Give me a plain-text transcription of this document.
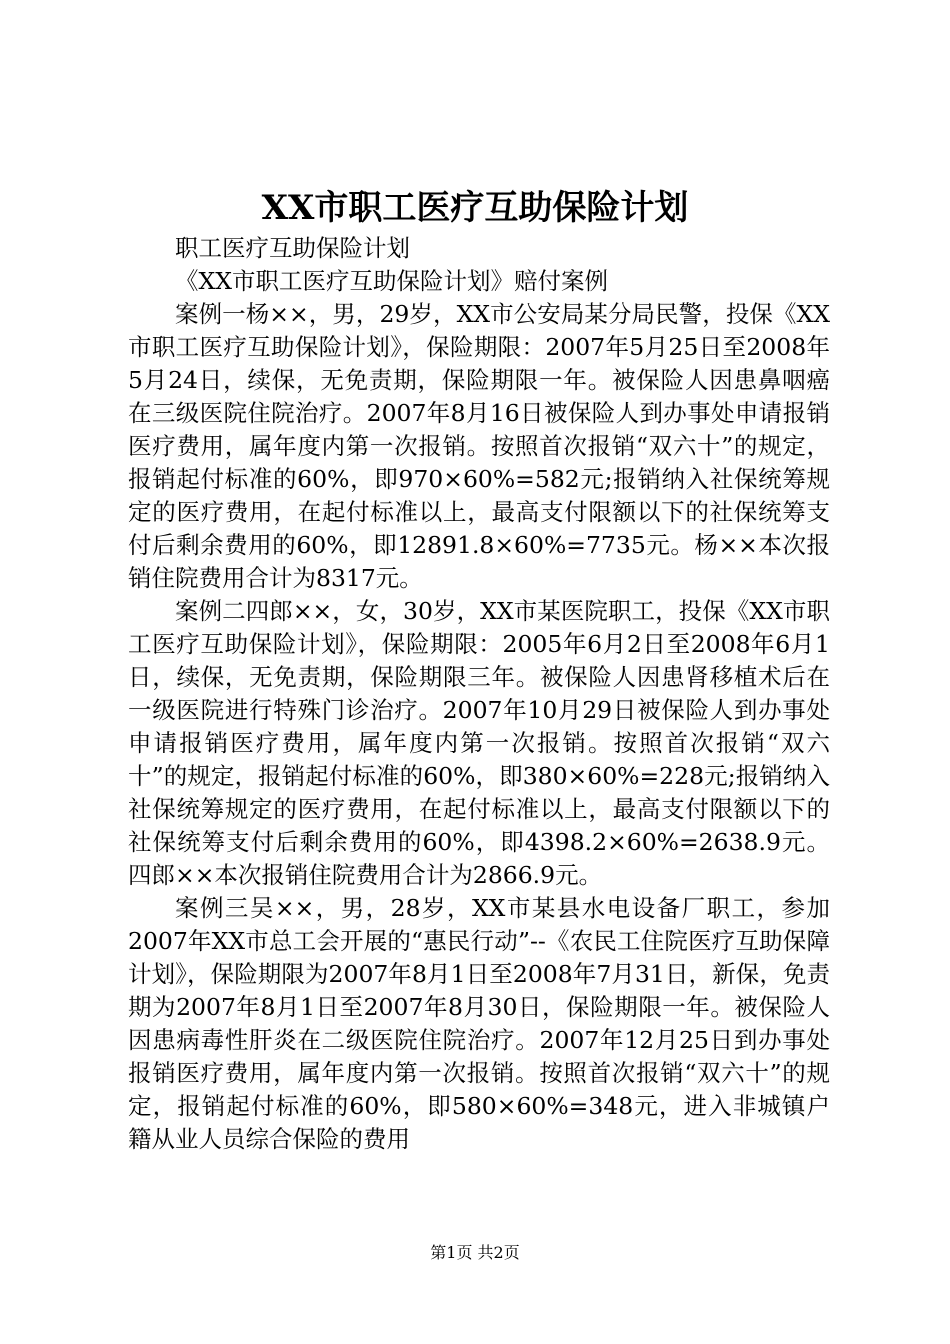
XX市职工医疗互助保险计划

职工医疗互助保险计划

《XX市职工医疗互助保险计划》赔付案例

案例一杨××，男，29岁，XX市公安局某分局民警，投保《XX市职工医疗互助保险计划》，保险期限：2007年5月25日至2008年5月24日，续保，无免责期，保险期限一年。被保险人因患鼻咽癌在三级医院住院治疗。2007年8月16日被保险人到办事处申请报销医疗费用，属年度内第一次报销。按照首次报销“双六十”的规定，报销起付标准的60%，即970×60%=582元;报销纳入社保统筹规定的医疗费用，在起付标准以上，最高支付限额以下的社保统筹支付后剩余费用的60%，即12891.8×60%=7735元。杨××本次报销住院费用合计为8317元。

案例二四郎××，女，30岁，XX市某医院职工，投保《XX市职工医疗互助保险计划》，保险期限：2005年6月2日至2008年6月1日，续保，无免责期，保险期限三年。被保险人因患肾移植术后在一级医院进行特殊门诊治疗。2007年10月29日被保险人到办事处申请报销医疗费用，属年度内第一次报销。按照首次报销“双六十”的规定，报销起付标准的60%，即380×60%=228元;报销纳入社保统筹规定的医疗费用，在起付标准以上，最高支付限额以下的社保统筹支付后剩余费用的60%，即4398.2×60%=2638.9元。四郎××本次报销住院费用合计为2866.9元。

案例三吴××，男，28岁，XX市某县水电设备厂职工，参加2007年XX市总工会开展的“惠民行动”--《农民工住院医疗互助保障计划》，保险期限为2007年8月1日至2008年7月31日，新保，免责期为2007年8月1日至2007年8月30日，保险期限一年。被保险人因患病毒性肝炎在二级医院住院治疗。2007年12月25日到办事处报销医疗费用，属年度内第一次报销。按照首次报销“双六十”的规定，报销起付标准的60%，即580×60%=348元，进入非城镇户籍从业人员综合保险的费用

第1页 共2页
